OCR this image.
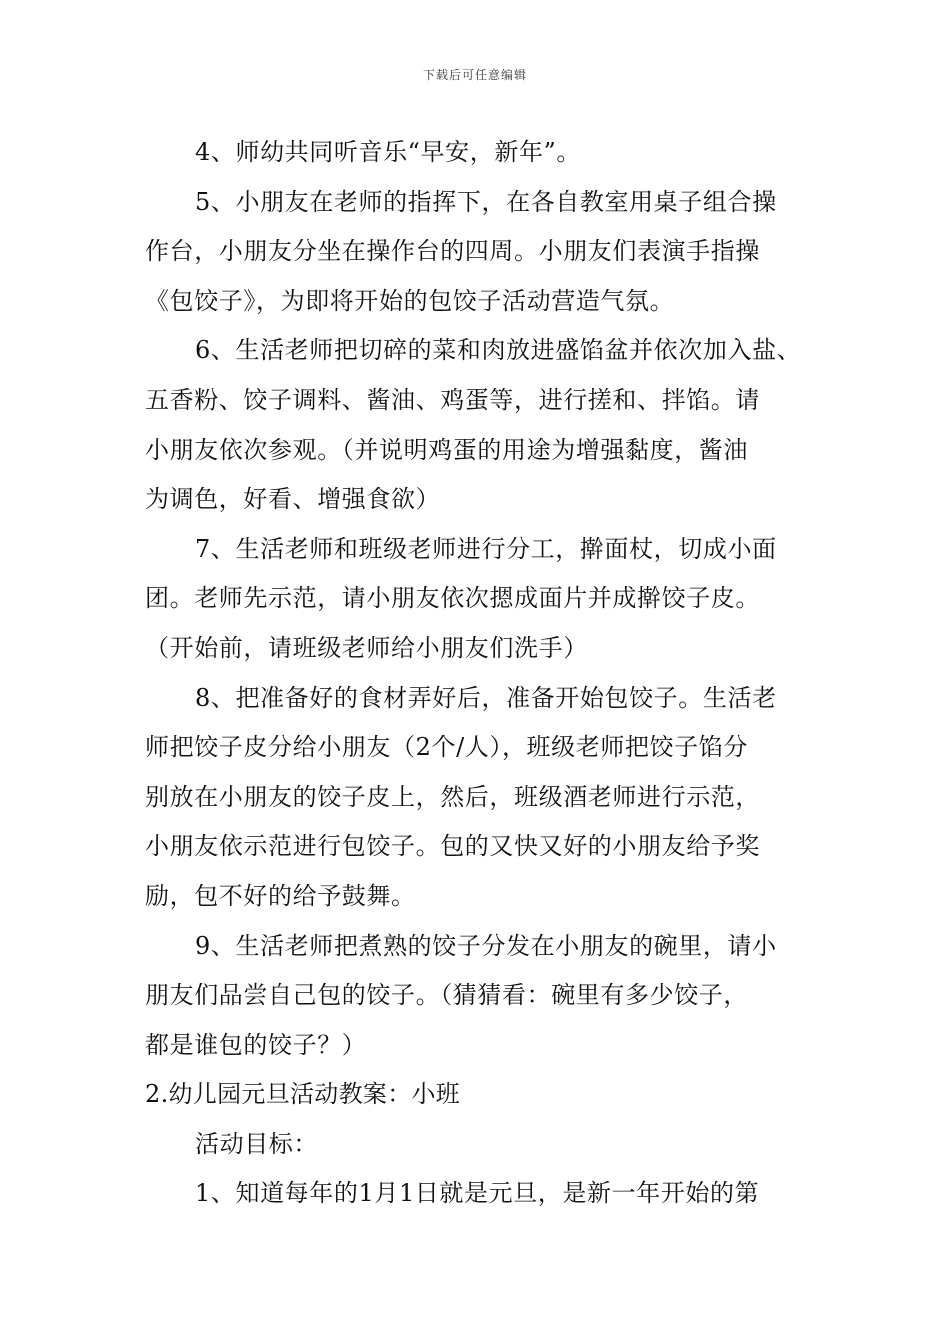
下载后可任意编辑
4、师幼共同听音乐“早安，新年”。
5、小朋友在老师的指挥下，在各自教室用桌子组合操
作台，小朋友分坐在操作台的四周。小朋友们表演手指操
《包饺子》，为即将开始的包饺子活动营造气氛。
6、生活老师把切碎的菜和肉放进盛馅盆并依次加入盐、
五香粉、饺子调料、酱油、鸡蛋等，进行搓和、拌馅。请
小朋友依次参观。（并说明鸡蛋的用途为增强黏度，酱油
为调色，好看、增强食欲）
7、生活老师和班级老师进行分工，擀面杖，切成小面
团。老师先示范，请小朋友依次摁成面片并成擀饺子皮。
（开始前，请班级老师给小朋友们洗手）
8、把准备好的食材弄好后，准备开始包饺子。生活老
师把饺子皮分给小朋友（2个/人），班级老师把饺子馅分
别放在小朋友的饺子皮上，然后，班级酒老师进行示范，
小朋友依示范进行包饺子。包的又快又好的小朋友给予奖
励，包不好的给予鼓舞。
9、生活老师把煮熟的饺子分发在小朋友的碗里，请小
朋友们品尝自己包的饺子。（猜猜看：碗里有多少饺子，
都是谁包的饺子？）
2.幼儿园元旦活动教案：小班
活动目标：
1、知道每年的1月1日就是元旦，是新一年开始的第
